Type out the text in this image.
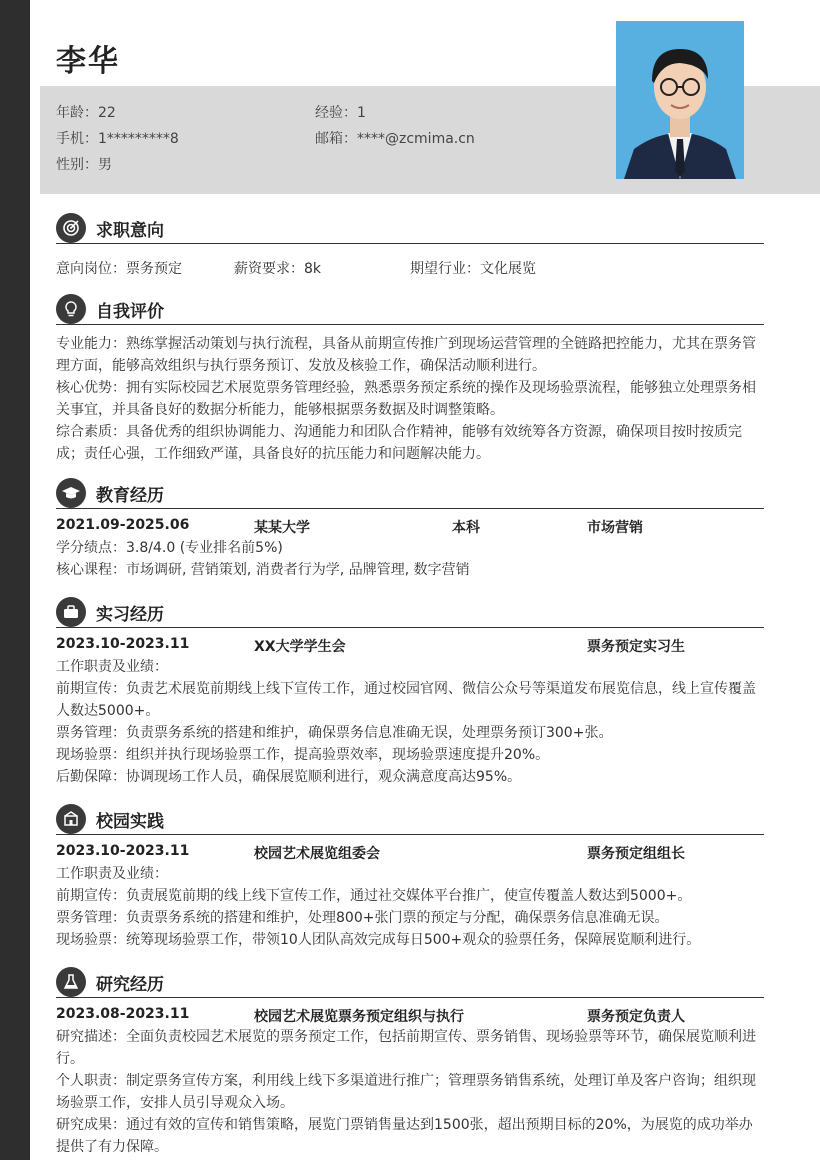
李华
年龄：22	经验：1
手机：1*********8	邮箱：****@zcmima.cn
性别：男
求职意向
意向岗位：票务预定	薪资要求：8k	期望行业：文化展览
自我评价

专业能力：熟练掌握活动策划与执行流程，具备从前期宣传推广到现场运营管理的全链路把控能力，尤其在票务管理方面，能够高效组织与执行票务预订、发放及核验工作，确保活动顺利进行。

核心优势：拥有实际校园艺术展览票务管理经验，熟悉票务预定系统的操作及现场验票流程，能够独立处理票务相关事宜，并具备良好的数据分析能力，能够根据票务数据及时调整策略。

综合素质：具备优秀的组织协调能力、沟通能力和团队合作精神，能够有效统筹各方资源，确保项目按时按质完成；责任心强，工作细致严谨，具备良好的抗压能力和问题解决能力。

教育经历
2021.09-2025.06	某某大学	本科	市场营销

学分绩点：3.8/4.0 (专业排名前5%)

核心课程：市场调研, 营销策划, 消费者行为学, 品牌管理, 数字营销

实习经历
2023.10-2023.11	XX大学学生会	票务预定实习生

工作职责及业绩：

前期宣传：负责艺术展览前期线上线下宣传工作，通过校园官网、微信公众号等渠道发布展览信息，线上宣传覆盖人数达5000+。

票务管理：负责票务系统的搭建和维护，确保票务信息准确无误，处理票务预订300+张。

现场验票：组织并执行现场验票工作，提高验票效率，现场验票速度提升20%。

后勤保障：协调现场工作人员，确保展览顺利进行，观众满意度高达95%。

校园实践
2023.10-2023.11	校园艺术展览组委会	票务预定组组长

工作职责及业绩：

前期宣传：负责展览前期的线上线下宣传工作，通过社交媒体平台推广，使宣传覆盖人数达到5000+。

票务管理：负责票务系统的搭建和维护，处理800+张门票的预定与分配，确保票务信息准确无误。

现场验票：统筹现场验票工作，带领10人团队高效完成每日500+观众的验票任务，保障展览顺利进行。

研究经历
2023.08-2023.11	校园艺术展览票务预定组织与执行	票务预定负责人

研究描述：全面负责校园艺术展览的票务预定工作，包括前期宣传、票务销售、现场验票等环节，确保展览顺利进行。

个人职责：制定票务宣传方案，利用线上线下多渠道进行推广；管理票务销售系统，处理订单及客户咨询；组织现场验票工作，安排人员引导观众入场。

研究成果：通过有效的宣传和销售策略，展览门票销售量达到1500张，超出预期目标的20%，为展览的成功举办提供了有力保障。
